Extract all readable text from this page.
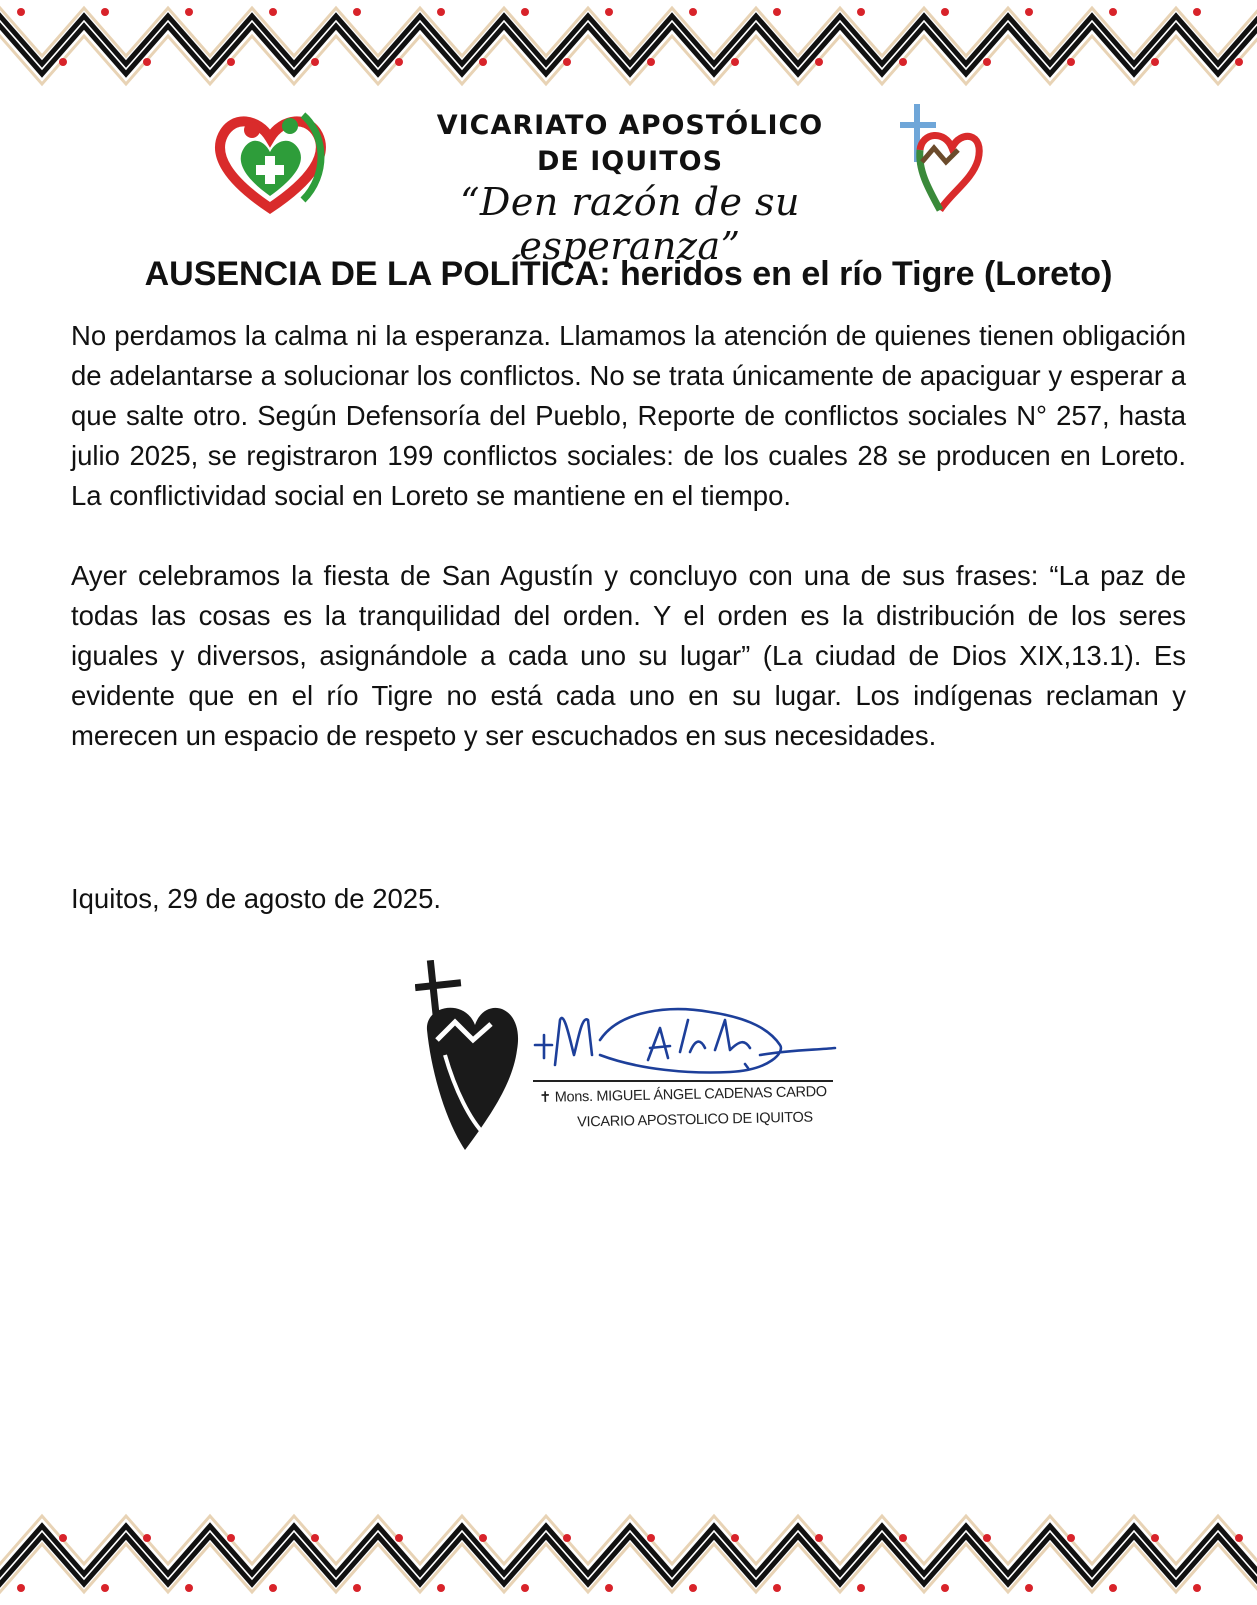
VICARIATO APOSTÓLICO
DE IQUITOS
“Den razón de su esperanza”
AUSENCIA DE LA POLÍTICA: heridos en el río Tigre (Loreto)

No perdamos la calma ni la esperanza. Llamamos la atención de quienes tienen obligación de adelantarse a solucionar los conflictos. No se trata únicamente de apaciguar y esperar a que salte otro. Según Defensoría del Pueblo, Reporte de conflictos sociales N° 257, hasta julio 2025, se registraron 199 conflictos sociales: de los cuales 28 se producen en Loreto. La conflictividad social en Loreto se mantiene en el tiempo.

Ayer celebramos la fiesta de San Agustín y concluyo con una de sus frases: “La paz de todas las cosas es la tranquilidad del orden. Y el orden es la distribución de los seres iguales y diversos, asignándole a cada uno su lugar” (La ciudad de Dios XIX,13.1). Es evidente que en el río Tigre no está cada uno en su lugar. Los indígenas reclaman y merecen un espacio de respeto y ser escuchados en sus necesidades.

Iquitos, 29 de agosto de 2025.
✝ Mons. MIGUEL ÁNGEL CADENAS CARDO
VICARIO APOSTOLICO DE IQUITOS
